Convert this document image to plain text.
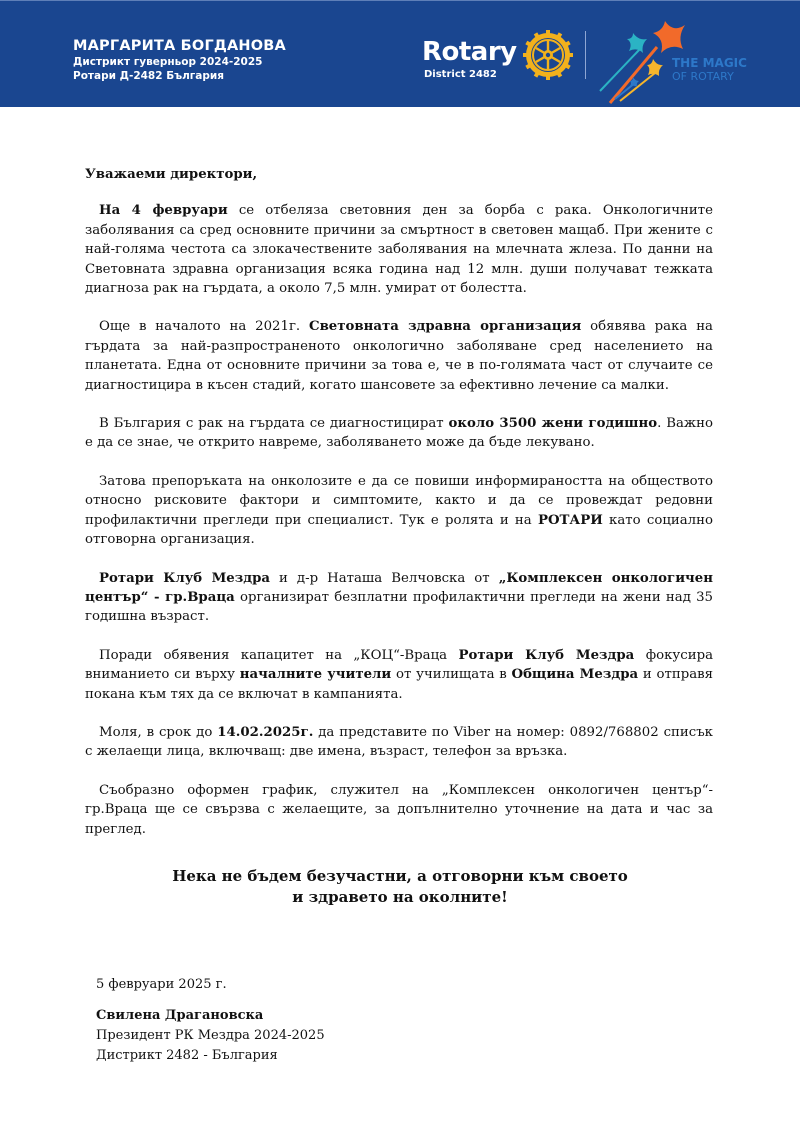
МАРГАРИТА БОГДАНОВА
Дистрикт гуверньор 2024-2025
Ротари Д-2482 България
Rotary
District 2482
THE MAGIC
OF ROTARY

Уважаеми директори,

На 4 февруари се отбеляза световния ден за борба с рака. Онкологичните заболявания са сред основните причини за смъртност в световен мащаб. При жените с най-голяма честота са злокачествените заболявания на млечната жлеза. По данни на Световната здравна организация всяка година над 12 млн. души получават тежката диагноза рак на гърдата, а около 7,5 млн. умират от болестта.

Още в началото на 2021г. Световната здравна организация обявява рака на гърдата за най-разпространеното онкологично заболяване сред населението на планетата. Една от основните причини за това е, че в по-голямата част от случаите се диагностицира в късен стадий, когато шансовете за ефективно лечение са малки.

В България с рак на гърдата се диагностицират около 3500 жени годишно. Важно е да се знае, че открито навреме, заболяването може да бъде лекувано.

Затова препоръката на онколозите е да се повиши информираността на обществото относно рисковите фактори и симптомите, както и да се провеждат редовни профилактични прегледи при специалист. Тук е ролята и на РОТАРИ като социално отговорна организация.

Ротари Клуб Мездра и д-р Наташа Велчовска от „Комплексен онкологичен център“ - гр.Враца организират безплатни профилактични прегледи на жени над 35 годишна възраст.

Поради обявения капацитет на „КОЦ“-Враца Ротари Клуб Мездра фокусира вниманието си върху началните учители от училищата в Община Мездра и отправя покана към тях да се включат в кампанията.

Моля, в срок до 14.02.2025г. да представите по Viber на номер: 0892/768802 списък с желаещи лица, включващ: две имена, възраст, телефон за връзка.

Съобразно оформен график, служител на „Комплексен онкологичен център“-гр.Враца ще се свързва с желаещите, за допълнително уточнение на дата и час за преглед.

Нека не бъдем безучастни, а отговорни към своето
и здравето на околните!
5 февруари 2025 г.
Свилена Драгановска
Президент РК Мездра 2024-2025
Дистрикт 2482 - България
